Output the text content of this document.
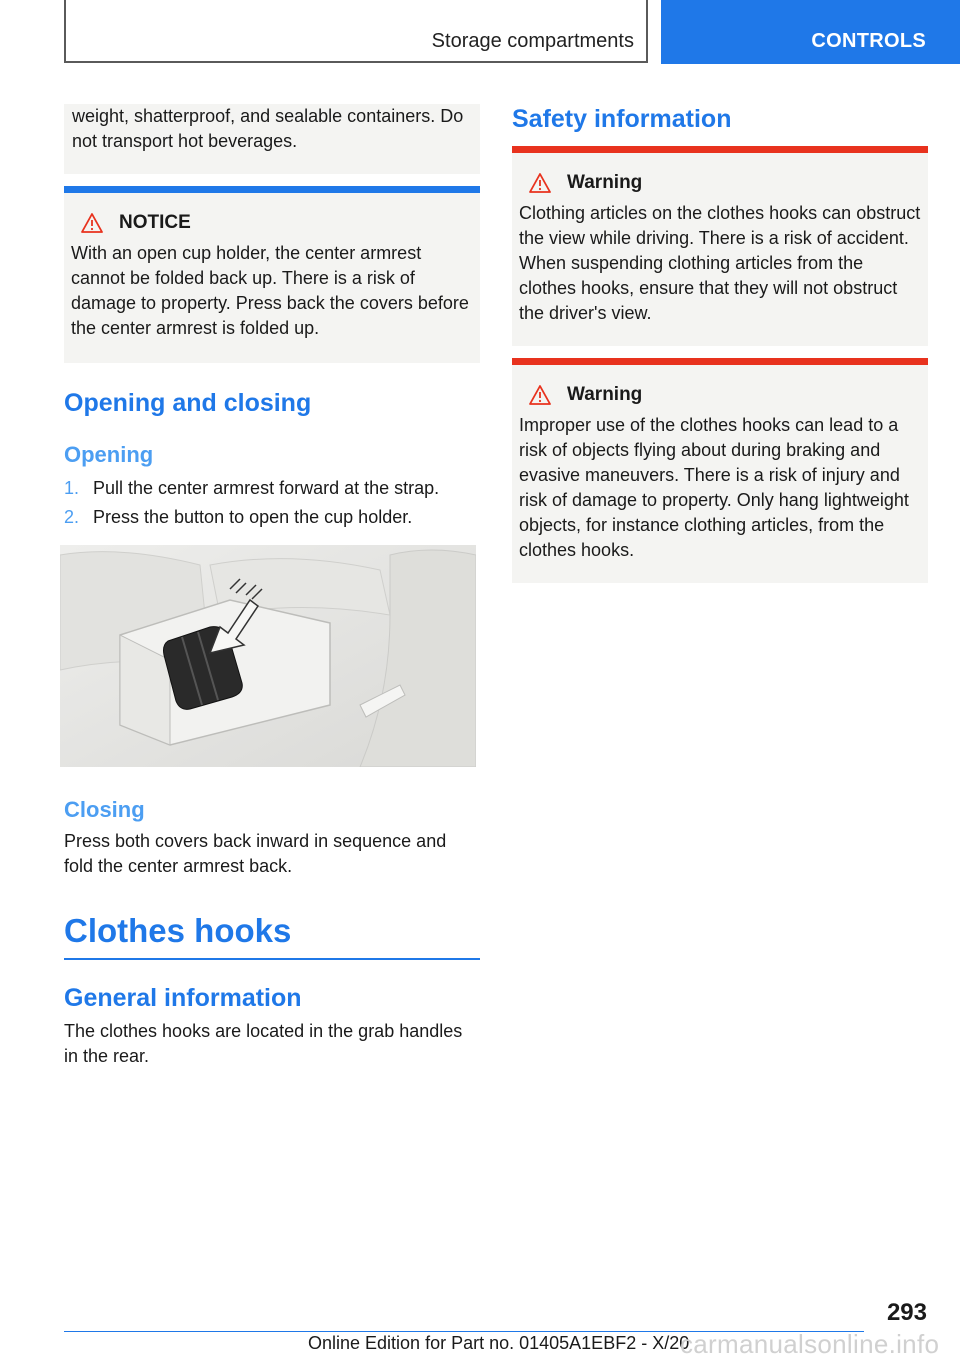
Storage compartments	CONTROLS

weight, shatterproof, and sealable containers. Do not transport hot beverages.

NOTICE

With an open cup holder, the center armrest cannot be folded back up. There is a risk of damage to property. Press back the covers before the center armrest is folded up.

Opening and closing
Opening
1. Pull the center armrest forward at the strap.
2. Press the button to open the cup holder.
Closing

Press both covers back inward in sequence and fold the center armrest back.

Clothes hooks
General information

The clothes hooks are located in the grab handles in the rear.

Safety information
Warning

Clothing articles on the clothes hooks can obstruct the view while driving. There is a risk of accident. When suspending clothing articles from the clothes hooks, ensure that they will not obstruct the driver's view.

Warning

Improper use of the clothes hooks can lead to a risk of objects flying about during braking and evasive maneuvers. There is a risk of injury and risk of damage to property. Only hang lightweight objects, for instance clothing articles, from the clothes hooks.

293
Online Edition for Part no. 01405A1EBF2 - X/20
carmanualsonline.info
